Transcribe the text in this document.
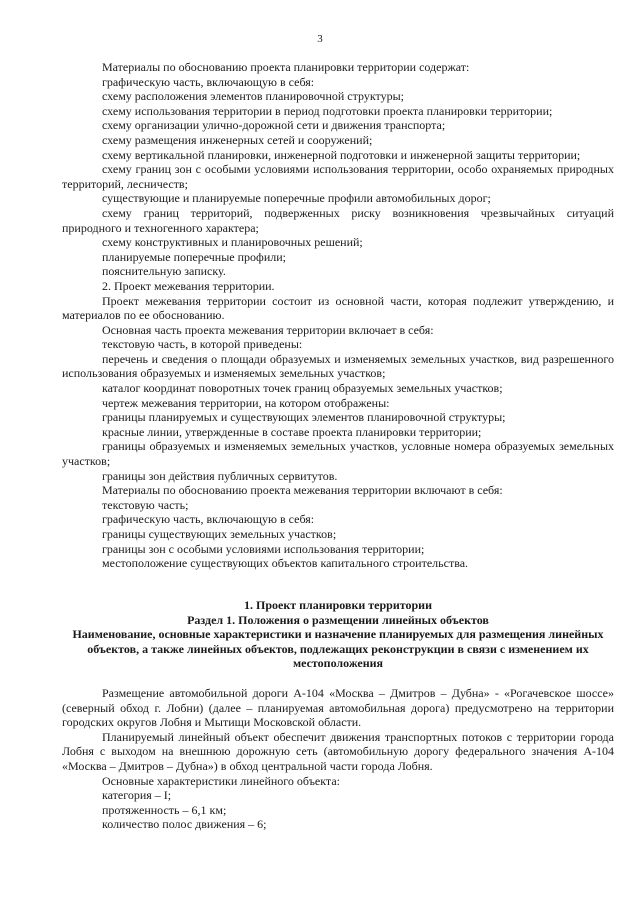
3

Материалы по обоснованию проекта планировки территории содержат:

графическую часть, включающую в себя:

схему расположения элементов планировочной структуры;

схему использования территории в период подготовки проекта планировки территории;

схему организации улично-дорожной сети и движения транспорта;

схему размещения инженерных сетей и сооружений;

схему вертикальной планировки, инженерной подготовки и инженерной защиты территории;

схему границ зон с особыми условиями использования территории, особо охраняемых природных территорий, лесничеств;

существующие и планируемые поперечные профили автомобильных дорог;

схему границ территорий, подверженных риску возникновения чрезвычайных ситуаций природного и техногенного характера;

схему конструктивных и планировочных решений;

планируемые поперечные профили;

пояснительную записку.

2. Проект межевания территории.

Проект межевания территории состоит из основной части, которая подлежит утверждению, и материалов по ее обоснованию.

Основная часть проекта межевания территории включает в себя:

текстовую часть, в которой приведены:

перечень и сведения о площади образуемых и изменяемых земельных участков, вид разрешенного использования образуемых и изменяемых земельных участков;

каталог координат поворотных точек границ образуемых земельных участков;

чертеж межевания территории, на котором отображены:

границы планируемых и существующих элементов планировочной структуры;

красные линии, утвержденные в составе проекта планировки территории;

границы образуемых и изменяемых земельных участков, условные номера образуемых земельных участков;

границы зон действия публичных сервитутов.

Материалы по обоснованию проекта межевания территории включают в себя:

текстовую часть;

графическую часть, включающую в себя:

границы существующих земельных участков;

границы зон с особыми условиями использования территории;

местоположение существующих объектов капитального строительства.

1. Проект планировки территории

Раздел 1. Положения о размещении линейных объектов

Наименование, основные характеристики и назначение планируемых для размещения линейных объектов, а также линейных объектов, подлежащих реконструкции в связи с изменением их местоположения

Размещение автомобильной дороги А-104 «Москва – Дмитров – Дубна» - «Рогачевское шоссе» (северный обход г. Лобни) (далее – планируемая автомобильная дорога) предусмотрено на территории городских округов Лобня и Мытищи Московской области.

Планируемый линейный объект обеспечит движения транспортных потоков с территории города Лобня с выходом на внешнюю дорожную сеть (автомобильную дорогу федерального значения А-104 «Москва – Дмитров – Дубна») в обход центральной части города Лобня.

Основные характеристики линейного объекта:

категория – I;

протяженность – 6,1 км;

количество полос движения – 6;
